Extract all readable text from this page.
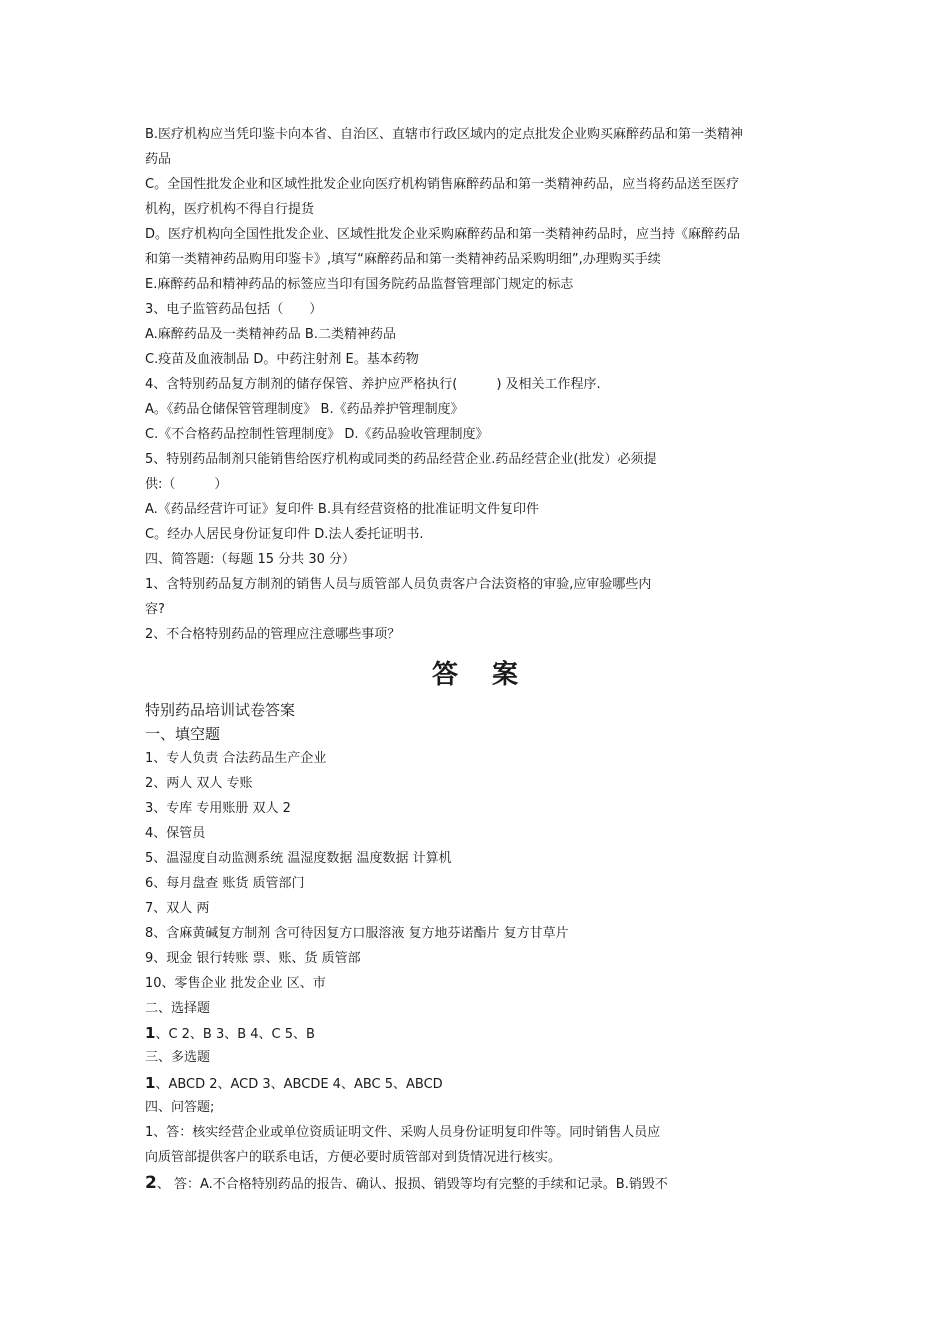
B.医疗机构应当凭印鉴卡向本省、自治区、直辖市行政区域内的定点批发企业购买麻醉药品和第一类精神
药品
C。全国性批发企业和区域性批发企业向医疗机构销售麻醉药品和第一类精神药品，应当将药品送至医疗
机构，医疗机构不得自行提货
D。医疗机构向全国性批发企业、区域性批发企业采购麻醉药品和第一类精神药品时，应当持《麻醉药品
和第一类精神药品购用印鉴卡》,填写“麻醉药品和第一类精神药品采购明细”,办理购买手续
E.麻醉药品和精神药品的标签应当印有国务院药品监督管理部门规定的标志
3、电子监管药品包括（　　）
A.麻醉药品及一类精神药品 B.二类精神药品
C.疫苗及血液制品 D。中药注射剂 E。基本药物
4、含特别药品复方制剂的储存保管、养护应严格执行(　　　) 及相关工作程序.
A。《药品仓储保管管理制度》 B.《药品养护管理制度》
C.《不合格药品控制性管理制度》 D.《药品验收管理制度》
5、特别药品制剂只能销售给医疗机构或同类的药品经营企业.药品经营企业(批发）必须提
供:（　　　）
A.《药品经营许可证》复印件 B.具有经营资格的批准证明文件复印件
C。经办人居民身份证复印件 D.法人委托证明书.
四、简答题:（每题 15 分共 30 分）
1、含特别药品复方制剂的销售人员与质管部人员负责客户合法资格的审验,应审验哪些内
容?
2、不合格特别药品的管理应注意哪些事项？
答案
特别药品培训试卷答案
一、填空题
1、专人负责 合法药品生产企业
2、两人 双人 专账
3、专库 专用账册 双人 2
4、保管员
5、温湿度自动监测系统 温湿度数据 温度数据 计算机
6、每月盘查 账货 质管部门
7、双人 两
8、含麻黄碱复方制剂 含可待因复方口服溶液 复方地芬诺酯片 复方甘草片
9、现金 银行转账 票、账、货 质管部
10、零售企业 批发企业 区、市
二、选择题
1、C 2、B 3、B 4、C 5、B
三、多选题
1、ABCD 2、ACD 3、ABCDE 4、ABC 5、ABCD
四、问答题;
1、答：核实经营企业或单位资质证明文件、采购人员身份证明复印件等。同时销售人员应
向质管部提供客户的联系电话，方便必要时质管部对到货情况进行核实。
2、 答：A.不合格特别药品的报告、确认、报损、销毁等均有完整的手续和记录。B.销毁不
